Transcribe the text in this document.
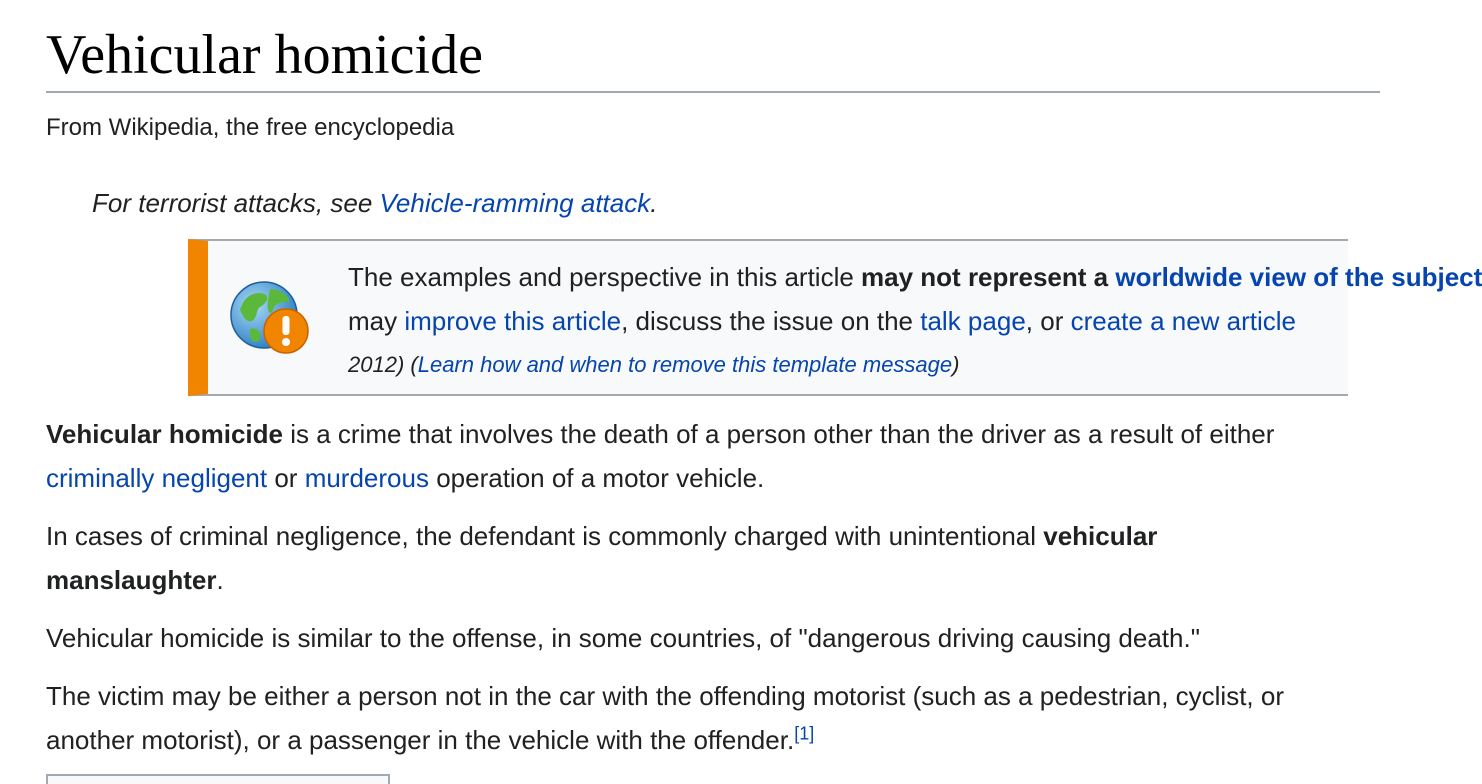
Vehicular homicide
From Wikipedia, the free encyclopedia
For terrorist attacks, see Vehicle-ramming attack.
The examples and perspective in this article may not represent a worldwide view of the subject
may improve this article, discuss the issue on the talk page, or create a new article
2012) (Learn how and when to remove this template message)

Vehicular homicide is a crime that involves the death of a person other than the driver as a result of either criminally negligent or murderous operation of a motor vehicle.

In cases of criminal negligence, the defendant is commonly charged with unintentional vehicular manslaughter.

Vehicular homicide is similar to the offense, in some countries, of "dangerous driving causing death."

The victim may be either a person not in the car with the offending motorist (such as a pedestrian, cyclist, or another motorist), or a passenger in the vehicle with the offender.[1]
